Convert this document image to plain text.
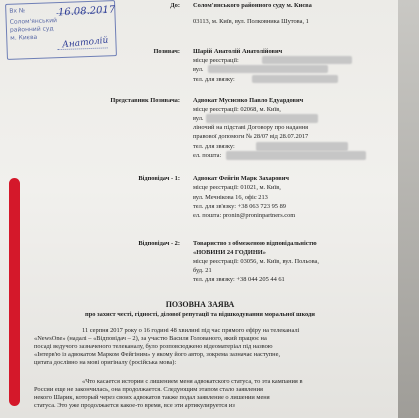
Вх №
Солом'янський
районний суд
м. Києва
16.08.2017
Анатолій
До: Солом'янського районного суду м. Києва
03113, м. Київ, вул. Полковника Шутова, 1
Позивач: Шарій Анатолій Анатолійович
місце реєстрації:
вул.
тел. для звязку:
Представник Позивача: Адвокат Мусиєнко Павло Едуардович
місце реєстрації: 02068, м. Київ,
вул.
ліночий на підставі Договору про надання
правової допомоги № 28/07 від 28.07.2017
тел. для звязку:
ел. пошта:
Відповідач - 1: Адвокат Фейгін Марк Захарович
місце реєстрації: 01021, м. Київ,
вул. Мечнікова 16, офіс 213
тел. для зв'язку: +38 063 723 95 89
ел. пошта: pronin@proninpartners.com
Відповідач - 2: Товариство з обмеженою відповідальністю
«НОВИНИ 24 ГОДИНИ»
місце реєстрації: 03056, м. Київ, вул. Польова,
буд. 21
тел. для звязку: +38 044 205 44 61
ПОЗОВНА ЗАЯВА
про захист честі, гідності, ділової репутації та відшкодування моральної шкоди
11 серпня 2017 року о 16 годині 48 хвилині під час прямого ефіру на телеканалі
«NewsOne» (надалі – «Відповідач – 2), за участю Василя Голованого, який працює на
посаді ведучого зазначеного телеканалу, було розповсюджено відеоматеріал під назвою
«Інтерв'ю із адвокатом Марком Фейгіним» у якому його автор, зокрема зазначає наступне,
цитата дослівно на мові оригіналу (російська мова):
«Что касается истории с лишением меня адвокатского статуса, то эта кампания в
России еще не закончилась, она продолжается. Следующим этапом стало заявления
некого Шарик, который через своих адвокатов также подал заявление о лишении меня
статуса. Это уже продолжается какое-то время, все эти артикулируется из
